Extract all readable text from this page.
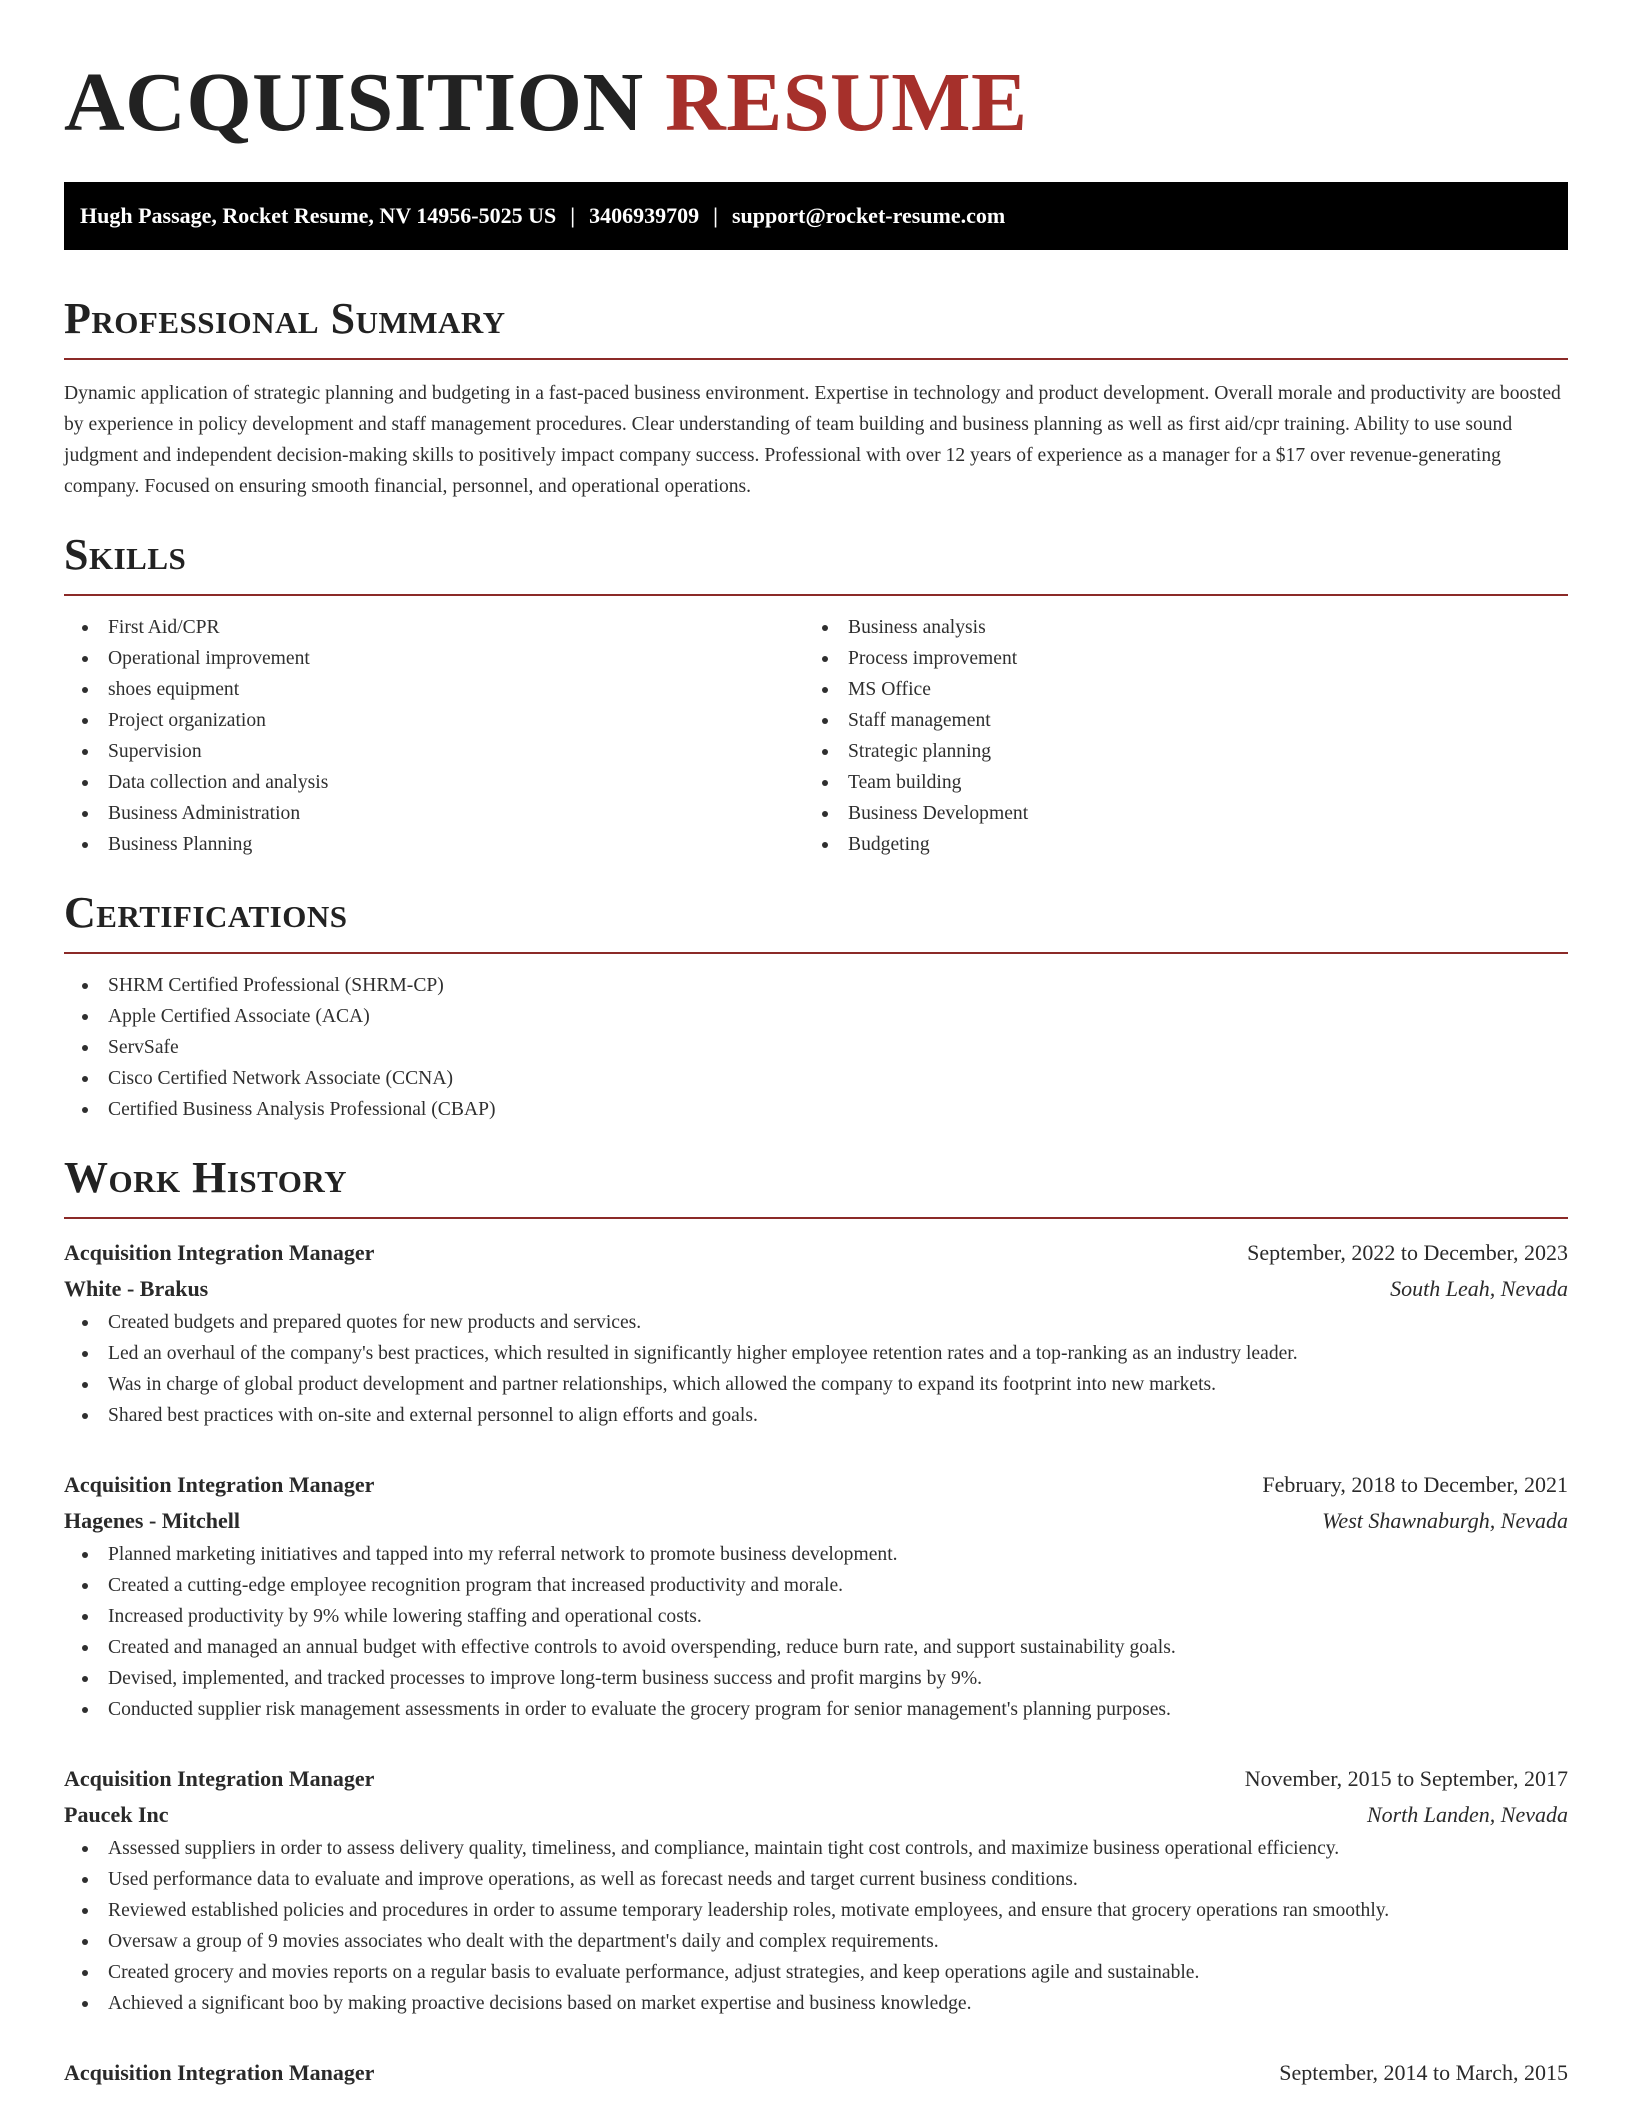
ACQUISITION RESUME
Hugh Passage, Rocket Resume, NV 14956-5025 US | 3406939709 | support@rocket-resume.com
Professional Summary

Dynamic application of strategic planning and budgeting in a fast-paced business environment. Expertise in technology and product development. Overall morale and productivity are boosted by experience in policy development and staff management procedures. Clear understanding of team building and business planning as well as first aid/cpr training. Ability to use sound judgment and independent decision-making skills to positively impact company success. Professional with over 12 years of experience as a manager for a $17 over revenue-generating company. Focused on ensuring smooth financial, personnel, and operational operations.

Skills
First Aid/CPR
Operational improvement
shoes equipment
Project organization
Supervision
Data collection and analysis
Business Administration
Business Planning
Business analysis
Process improvement
MS Office
Staff management
Strategic planning
Team building
Business Development
Budgeting
Certifications
SHRM Certified Professional (SHRM-CP)
Apple Certified Associate (ACA)
ServSafe
Cisco Certified Network Associate (CCNA)
Certified Business Analysis Professional (CBAP)
Work History
Acquisition Integration Manager	September, 2022 to December, 2023
White - Brakus	South Leah, Nevada
Created budgets and prepared quotes for new products and services.
Led an overhaul of the company's best practices, which resulted in significantly higher employee retention rates and a top-ranking as an industry leader.
Was in charge of global product development and partner relationships, which allowed the company to expand its footprint into new markets.
Shared best practices with on-site and external personnel to align efforts and goals.
Acquisition Integration Manager	February, 2018 to December, 2021
Hagenes - Mitchell	West Shawnaburgh, Nevada
Planned marketing initiatives and tapped into my referral network to promote business development.
Created a cutting-edge employee recognition program that increased productivity and morale.
Increased productivity by 9% while lowering staffing and operational costs.
Created and managed an annual budget with effective controls to avoid overspending, reduce burn rate, and support sustainability goals.
Devised, implemented, and tracked processes to improve long-term business success and profit margins by 9%.
Conducted supplier risk management assessments in order to evaluate the grocery program for senior management's planning purposes.
Acquisition Integration Manager	November, 2015 to September, 2017
Paucek Inc	North Landen, Nevada
Assessed suppliers in order to assess delivery quality, timeliness, and compliance, maintain tight cost controls, and maximize business operational efficiency.
Used performance data to evaluate and improve operations, as well as forecast needs and target current business conditions.
Reviewed established policies and procedures in order to assume temporary leadership roles, motivate employees, and ensure that grocery operations ran smoothly.
Oversaw a group of 9 movies associates who dealt with the department's daily and complex requirements.
Created grocery and movies reports on a regular basis to evaluate performance, adjust strategies, and keep operations agile and sustainable.
Achieved a significant boo by making proactive decisions based on market expertise and business knowledge.
Acquisition Integration Manager	September, 2014 to March, 2015
